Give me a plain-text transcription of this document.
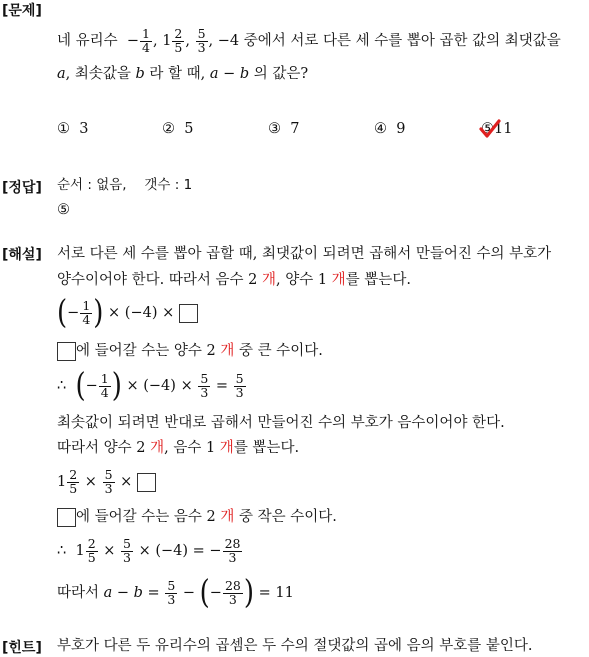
[문제]
[정답]
[해설]
[힌트]
네 유리수  − $\frac{1}{4}$ , $1 \frac{2}{5}$ , $\frac{5}{3}$ , −4 중에서 서로 다른 세 수를 뽑아 곱한 값의 최댓값을
a, 최솟값을 b 라 할 때, a − b 의 값은?
① 3	② 5	③ 7	④ 9	⑤
11
순서 : 없음,　 갯수 : 1
⑤
서로 다른 세 수를 뽑아 곱할 때, 최댓값이 되려면 곱해서 만들어진 수의 부호가
양수이어야 한다. 따라서 음수 2 개, 양수 1 개를 뽑는다.
(− $\frac{1}{4}$ ) × (−4) ×
에 들어갈 수는 양수 2 개 중 큰 수이다.
∴ (− $\frac{1}{4}$ ) × $(-4) \times \frac{5}{3} = \frac{5}{3}$
최솟값이 되려면 반대로 곱해서 만들어진 수의 부호가 음수이어야 한다.
따라서 양수 2 개, 음수 1 개를 뽑는다.
$1 \frac{2}{5} \times \frac{5}{3}$ ×
에 들어갈 수는 음수 2 개 중 작은 수이다.
∴ $1 \frac{2}{5} \times \frac{5}{3} \times (-4)$ = − $\frac{28}{3}$
따라서 $a - b = \frac{5}{3}$ − (− $\frac{28}{3}$ ) = 11
부호가 다른 두 유리수의 곱셈은 두 수의 절댓값의 곱에 음의 부호를 붙인다.
